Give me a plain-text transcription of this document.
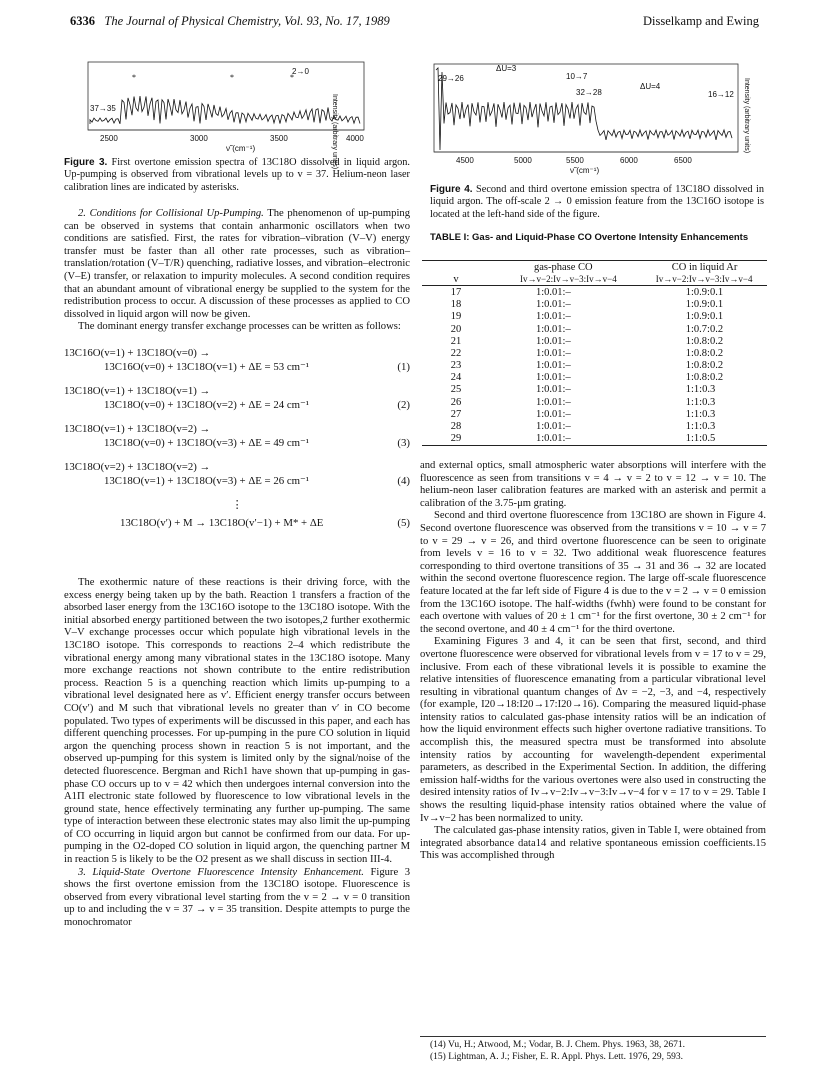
6336 The Journal of Physical Chemistry, Vol. 93, No. 17, 1989	Disselkamp and Ewing
*	*	*
2→0
37→35
2500	3000	3500	4000
ν̃ (cm⁻¹)	Intensity (arbitrary units)
Figure 3. First overtone emission spectra of 13C18O dissolved in liquid argon. Up-pumping is observed from vibrational levels up to v = 37. Helium-neon laser calibration lines are indicated by asterisks.

2. Conditions for Collisional Up-Pumping. The phenomenon of up-pumping can be observed in systems that contain anharmonic oscillators when two conditions are satisfied. First, the rates for vibration–vibration (V–V) energy transfer must be faster than all other rate processes, such as vibration–translation/rotation (V–T/R) quenching, radiative losses, and vibration–electronic (V–E) transfer, or relaxation to impurity molecules. A second condition requires that an abundant amount of vibrational energy be supplied to the system for the redistribution process to occur. A discussion of these processes as applied to CO dissolved in liquid argon will now be given.

The dominant energy transfer exchange processes can be written as follows:

13C16O(v=1) + 13C18O(v=0) →
13C16O(v=0) + 13C18O(v=1) + ΔE = 53 cm⁻¹	(1)
13C18O(v=1) + 13C18O(v=1) →
13C18O(v=0) + 13C18O(v=2) + ΔE = 24 cm⁻¹	(2)
13C18O(v=1) + 13C18O(v=2) →
13C18O(v=0) + 13C18O(v=3) + ΔE = 49 cm⁻¹	(3)
13C18O(v=2) + 13C18O(v=2) →
13C18O(v=1) + 13C18O(v=3) + ΔE = 26 cm⁻¹	(4)
⋮
13C18O(v′) + M → 13C18O(v′−1) + M* + ΔE	(5)

The exothermic nature of these reactions is their driving force, with the excess energy being taken up by the bath. Reaction 1 transfers a fraction of the absorbed laser energy from the 13C16O isotope to the 13C18O isotope. With the initial absorbed energy partitioned between the two isotopes,2 further exothermic V–V exchange processes occur which populate high vibrational levels in the 13C18O isotope. This corresponds to reactions 2–4 which redistribute the vibrational energy among many vibrational states in the 13C18O isotope. Many more exchange reactions not shown contribute to the entire redistribution process. Reaction 5 is a quenching reaction which limits up-pumping to a vibrational level designated here as v′. Efficient energy transfer occurs between CO(v′) and M such that vibrational levels no greater than v′ in CO become populated. Two types of experiments will be discussed in this paper, and each has different quenching processes. For up-pumping in the pure CO solution in liquid argon the quenching process shown in reaction 5 is not important, and the observed up-pumping for this system is limited only by the signal/noise of the detected fluorescence. Bergman and Rich1 have shown that up-pumping in gas-phase CO occurs up to v = 42 which then undergoes internal conversion into the A1Π electronic state followed by fluorescence to low vibrational levels in the ground state, hence effectively terminating any further up-pumping. The same type of interaction between these electronic states may also limit the up-pumping of CO occurring in liquid argon but cannot be confirmed from our data. For up-pumping in the O2-doped CO solution in liquid argon, the quenching partner M in reaction 5 is likely to be the O2 present as we shall discuss in section III-4.

3. Liquid-State Overtone Fluorescence Intensity Enhancement. Figure 3 shows the first overtone emission from the 13C18O isotope. Fluorescence is observed from every vibrational level starting from the v = 2 → v = 0 transition up to and including the v = 37 → v = 35 transition. Despite attempts to purge the monochromator

ΔU=3
ΔU=4
29→26	10→7
32→28	16→12
4500	5000	5500	6000	6500
ν̃ (cm⁻¹)
Intensity (arbitrary units)
Figure 4. Second and third overtone emission spectra of 13C18O dissolved in liquid argon. The off-scale 2 → 0 emission feature from the 13C16O isotope is located at the left-hand side of the figure.
TABLE I: Gas- and Liquid-Phase CO Overtone Intensity Enhancements
	gas-phase CO	CO in liquid Ar
v	Iv→v−2:Iv→v−3:Iv→v−4	Iv→v−2:Iv→v−3:Iv→v−4
17	1:0.01:–	1:0.9:0.1
18	1:0.01:–	1:0.9:0.1
19	1:0.01:–	1:0.9:0.1
20	1:0.01:–	1:0.7:0.2
21	1:0.01:–	1:0.8:0.2
22	1:0.01:–	1:0.8:0.2
23	1:0.01:–	1:0.8:0.2
24	1:0.01:–	1:0.8:0.2
25	1:0.01:–	1:1:0.3
26	1:0.01:–	1:1:0.3
27	1:0.01:–	1:1:0.3
28	1:0.01:–	1:1:0.3
29	1:0.01:–	1:1:0.5

and external optics, small atmospheric water absorptions will interfere with the fluorescence as seen from transitions v = 4 → v = 2 to v = 12 → v = 10. The helium-neon laser calibration features are marked with an asterisk and permit a calibration of the 3.75-μm grating.

Second and third overtone fluorescence from 13C18O are shown in Figure 4. Second overtone fluorescence was observed from the transitions v = 10 → v = 7 to v = 29 → v = 26, and third overtone fluorescence can be seen to originate from levels v = 16 to v = 32. Two additional weak fluorescence features corresponding to third overtone transitions of 35 → 31 and 36 → 32 are located within the second overtone fluorescence region. The large off-scale fluorescence feature located at the far left side of Figure 4 is due to the v = 2 → v = 0 emission from the 13C16O isotope. The half-widths (fwhh) were found to be constant for each overtone with values of 20 ± 1 cm⁻¹ for the first overtone, 30 ± 2 cm⁻¹ for the second overtone, and 40 ± 4 cm⁻¹ for the third overtone.

Examining Figures 3 and 4, it can be seen that first, second, and third overtone fluorescence were observed for vibrational levels from v = 17 to v = 29, inclusive. From each of these vibrational levels it is possible to examine the relative intensities of fluorescence emanating from a particular vibrational level resulting in vibrational quantum changes of Δv = −2, −3, and −4, respectively (for example, I20→18:I20→17:I20→16). Comparing the measured liquid-phase intensity ratios to calculated gas-phase intensity ratios will be an indication of how the liquid environment effects such higher overtone radiative transitions. To accomplish this, the measured spectra must be transformed into absolute intensity ratios by accounting for wavelength-dependent experimental parameters, as described in the Experimental Section. In addition, the differing emission half-widths for the various overtones were also used in constructing the desired intensity ratios of Iv→v−2:Iv→v−3:Iv→v−4 for v = 17 to v = 29. Table I shows the resulting liquid-phase intensity ratios obtained where the value of Iv→v−2 has been normalized to unity.

The calculated gas-phase intensity ratios, given in Table I, were obtained from integrated absorbance data14 and relative spontaneous emission coefficients.15 This was accomplished through

(14) Vu, H.; Atwood, M.; Vodar, B. J. Chem. Phys. 1963, 38, 2671.
(15) Lightman, A. J.; Fisher, E. R. Appl. Phys. Lett. 1976, 29, 593.
